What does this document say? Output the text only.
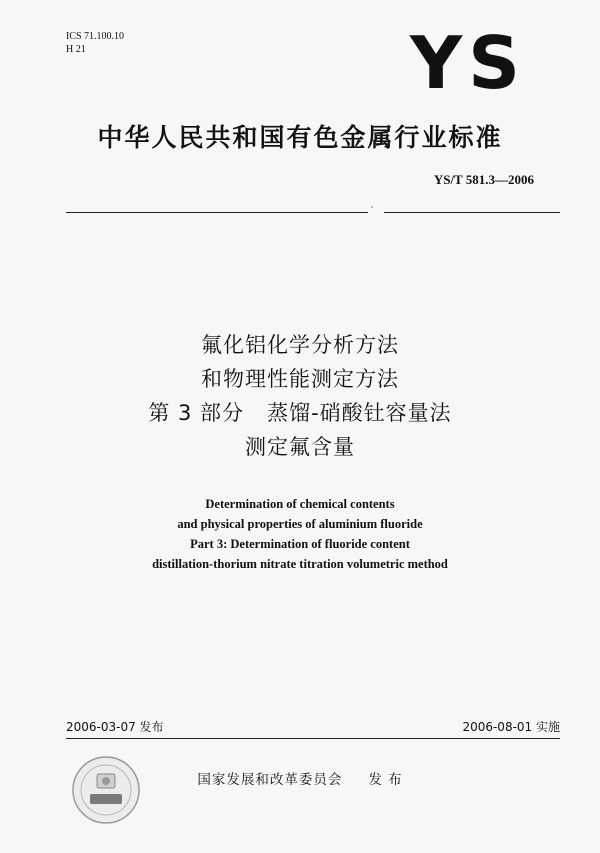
ICS 71.100.10
H 21	YS
中华人民共和国有色金属行业标准
YS/T 581.3—2006
ˋ
氟化铝化学分析方法
和物理性能测定方法
第 3 部分   蒸馏-硝酸钍容量法
测定氟含量
Determination of chemical contents
and physical properties of aluminium fluoride
Part 3: Determination of fluoride content
distillation-thorium nitrate titration volumetric method
2006-03-07 发布	2006-08-01 实施
国家发展和改革委员会 发 布
